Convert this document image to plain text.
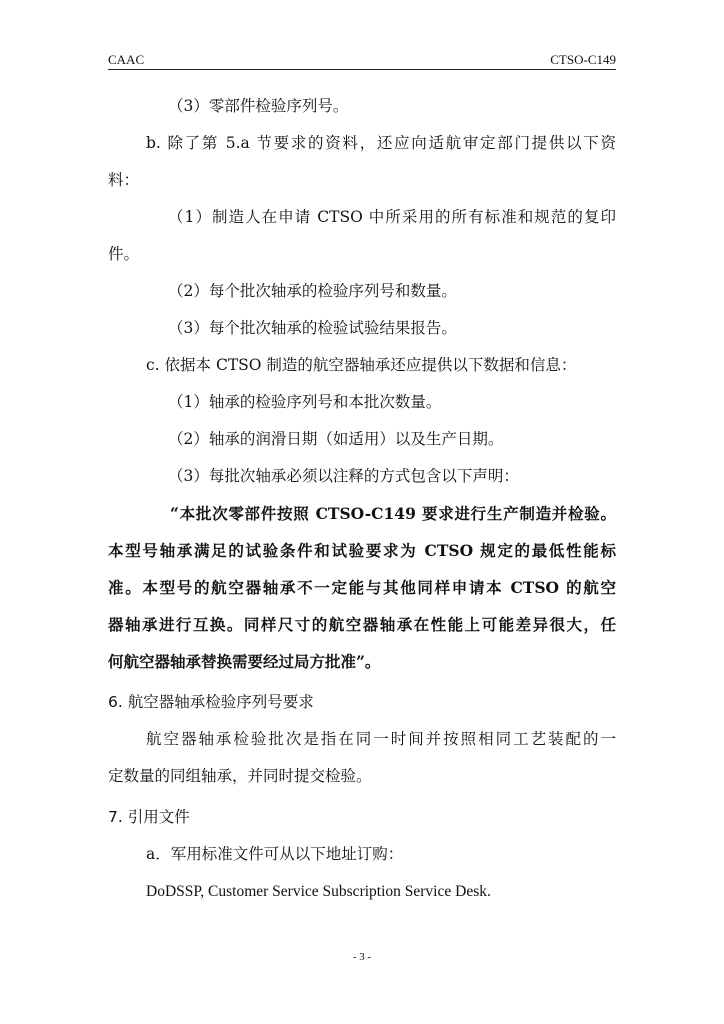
CAAC	CTSO-C149

（3）零部件检验序列号。

b. 除了第 5.a 节要求的资料，还应向适航审定部门提供以下资

料：

（1）制造人在申请 CTSO 中所采用的所有标准和规范的复印

件。

（2）每个批次轴承的检验序列号和数量。

（3）每个批次轴承的检验试验结果报告。

c. 依据本 CTSO 制造的航空器轴承还应提供以下数据和信息：

（1）轴承的检验序列号和本批次数量。

（2）轴承的润滑日期（如适用）以及生产日期。

（3）每批次轴承必须以注释的方式包含以下声明：

“本批次零部件按照 CTSO-C149 要求进行生产制造并检验。

本型号轴承满足的试验条件和试验要求为 CTSO 规定的最低性能标

准。本型号的航空器轴承不一定能与其他同样申请本 CTSO 的航空

器轴承进行互换。同样尺寸的航空器轴承在性能上可能差异很大，任

何航空器轴承替换需要经过局方批准”。

6. 航空器轴承检验序列号要求

航空器轴承检验批次是指在同一时间并按照相同工艺装配的一

定数量的同组轴承，并同时提交检验。

7. 引用文件

a．军用标准文件可从以下地址订购：

DoDSSP, Customer Service Subscription Service Desk.

- 3 -
